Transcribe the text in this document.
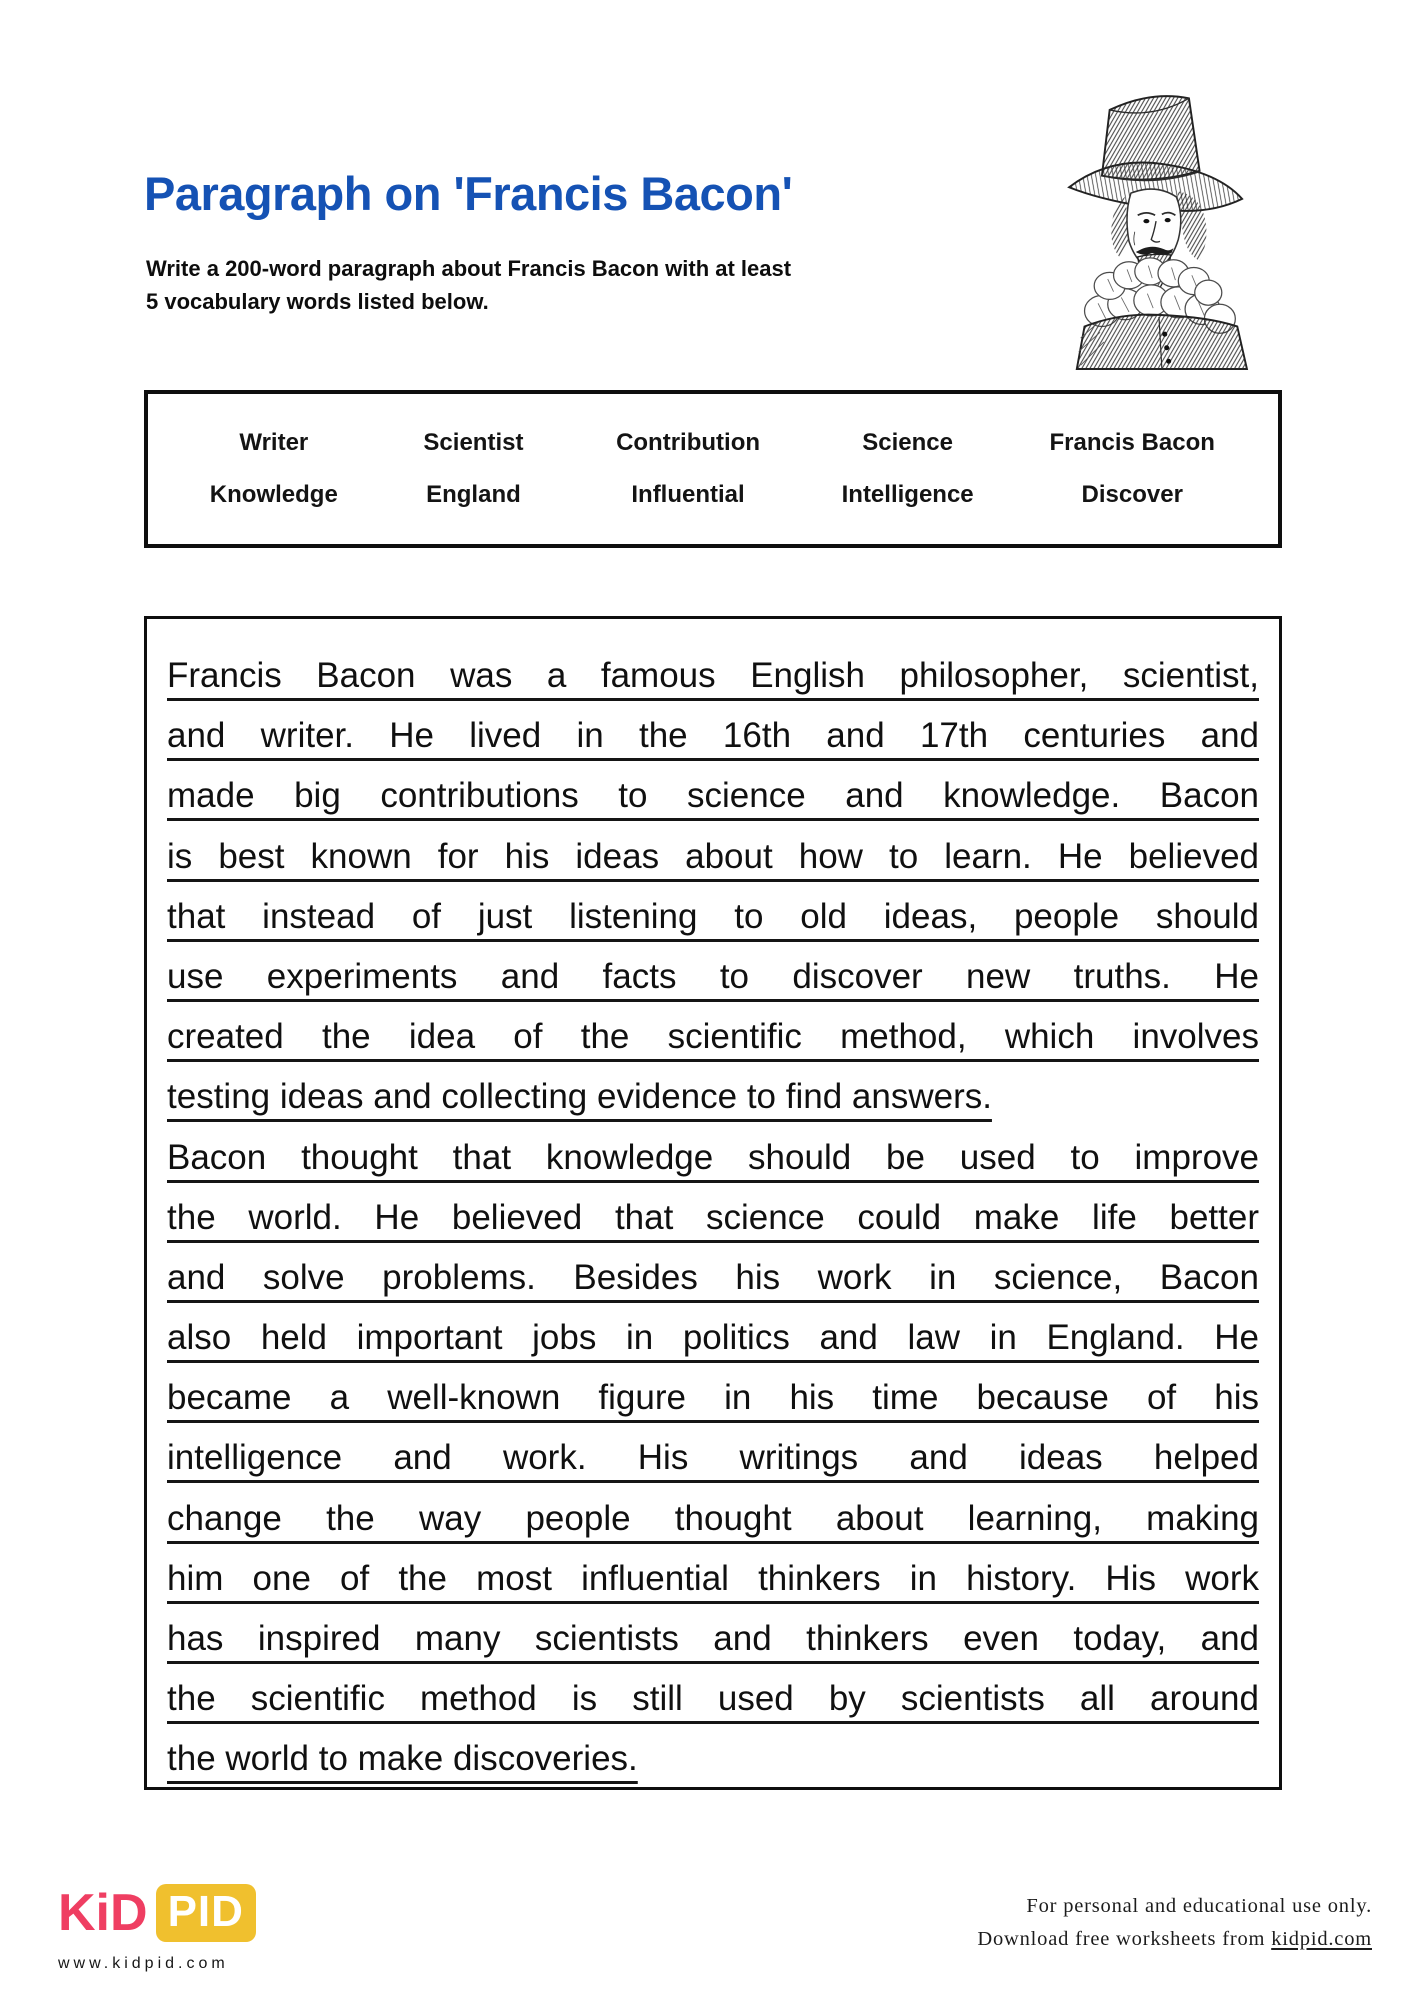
Paragraph on 'Francis Bacon'
Write a 200-word paragraph about Francis Bacon with at least 5 vocabulary words listed below.
Writer	Scientist	Contribution	Science	Francis Bacon
Knowledge	England	Influential	Intelligence	Discover
Francis Bacon was a famous English philosopher, scientist,
and writer. He lived in the 16th and 17th centuries and
made big contributions to science and knowledge. Bacon
is best known for his ideas about how to learn. He believed
that instead of just listening to old ideas, people should
use experiments and facts to discover new truths. He
created the idea of the scientific method, which involves
testing ideas and collecting evidence to find answers.
Bacon thought that knowledge should be used to improve
the world. He believed that science could make life better
and solve problems. Besides his work in science, Bacon
also held important jobs in politics and law in England. He
became a well-known figure in his time because of his
intelligence and work. His writings and ideas helped
change the way people thought about learning, making
him one of the most influential thinkers in history. His work
has inspired many scientists and thinkers even today, and
the scientific method is still used by scientists all around
the world to make discoveries.
KiD PID
www.kidpid.com
For personal and educational use only.
Download free worksheets from kidpid.com
